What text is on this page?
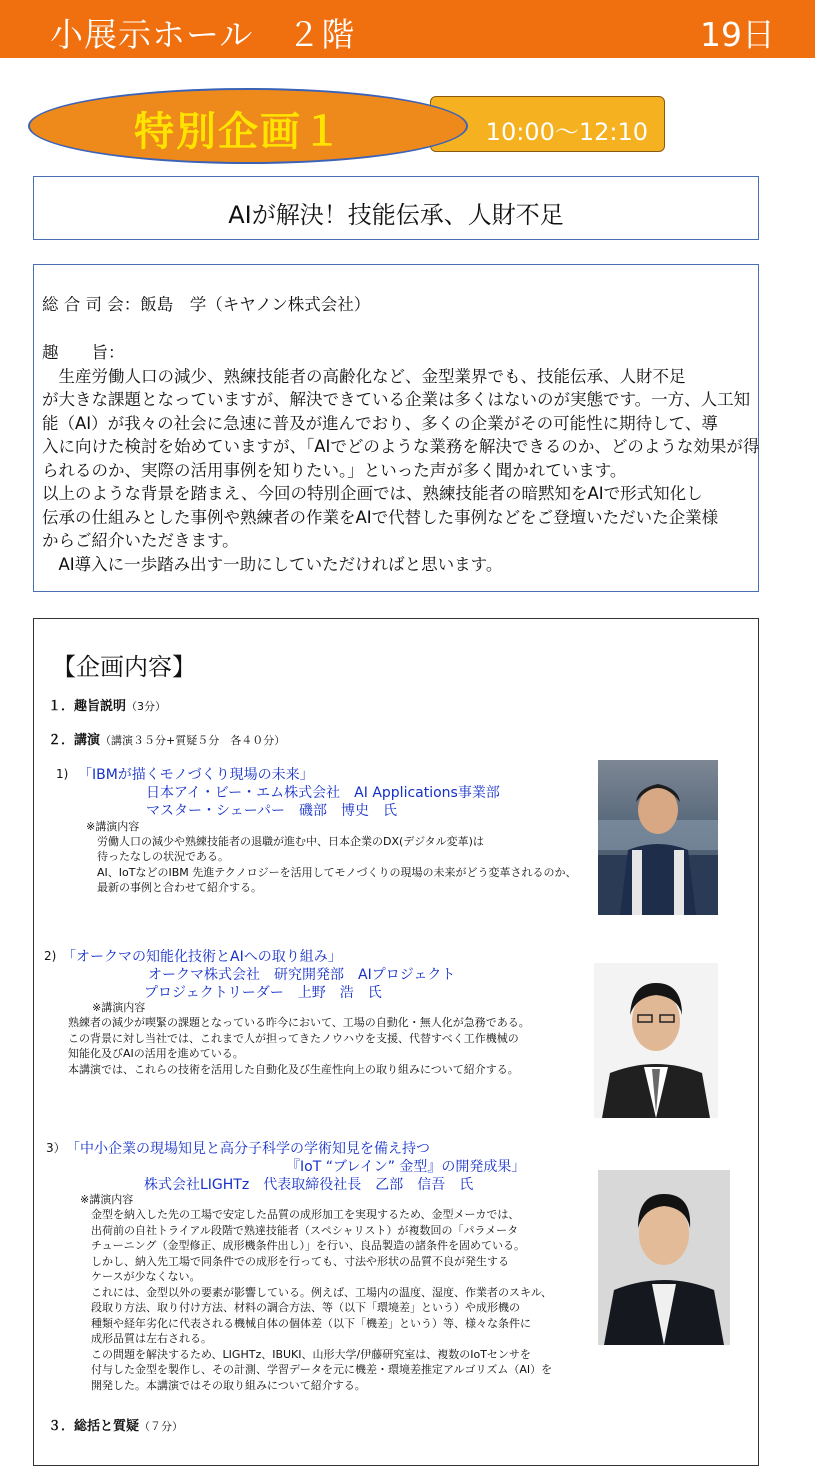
小展示ホール　２階	19日
10:00～12:10
特別企画１
AIが解決！技能伝承、人財不足
総 合 司 会：飯島　学（キヤノン株式会社）
趣　　旨：
　生産労働人口の減少、熟練技能者の高齢化など、金型業界でも、技能伝承、人財不足
が大きな課題となっていますが、解決できている企業は多くはないのが実態です。一方、人工知
能（AI）が我々の社会に急速に普及が進んでおり、多くの企業がその可能性に期待して、導
入に向けた検討を始めていますが、「AIでどのような業務を解決できるのか、どのような効果が得
られるのか、実際の活用事例を知りたい。」といった声が多く聞かれています。
以上のような背景を踏まえ、今回の特別企画では、熟練技能者の暗黙知をAIで形式知化し
伝承の仕組みとした事例や熟練者の作業をAIで代替した事例などをご登壇いただいた企業様
からご紹介いただきます。
　AI導入に一歩踏み出す一助にしていただければと思います。
【企画内容】
１．趣旨説明（3分）
２．講演（講演３５分+質疑５分　各４０分）
1) 「IBMが描くモノづくり現場の未来」
日本アイ・ビー・エム株式会社　AI Applications事業部
マスター・シェーパー　磯部　博史　氏
※講演内容
　労働人口の減少や熟練技能者の退職が進む中、日本企業のDX(デジタル変革)は
　待ったなしの状況である。
　AI、IoTなどのIBM 先進テクノロジーを活用してモノづくりの現場の未来がどう変革されるのか、
　最新の事例と合わせて紹介する。
2) 「オークマの知能化技術とAIへの取り組み」
オークマ株式会社　研究開発部　AIプロジェクト
プロジェクトリーダー　上野　浩　氏
※講演内容
熟練者の減少が喫緊の課題となっている昨今において、工場の自動化・無人化が急務である。
この背景に対し当社では、これまで人が担ってきたノウハウを支援、代替すべく工作機械の
知能化及びAIの活用を進めている。
本講演では、これらの技術を活用した自動化及び生産性向上の取り組みについて紹介する。
3） 「中小企業の現場知見と高分子科学の学術知見を備え持つ
『IoT “ブレイン” 金型』の開発成果」
株式会社LIGHTz　代表取締役社長　乙部　信吾　氏
※講演内容
　金型を納入した先の工場で安定した品質の成形加工を実現するため、金型メーカでは、
　出荷前の自社トライアル段階で熟達技能者（スペシャリスト）が複数回の「パラメータ
　チューニング（金型修正、成形機条件出し）」を行い、良品製造の諸条件を固めている。
　しかし、納入先工場で同条件での成形を行っても、寸法や形状の品質不良が発生する
　ケースが少なくない。
　これには、金型以外の要素が影響している。例えば、工場内の温度、湿度、作業者のスキル、
　段取り方法、取り付け方法、材料の調合方法、等（以下「環境差」という）や成形機の
　種類や経年劣化に代表される機械自体の個体差（以下「機差」という）等、様々な条件に
　成形品質は左右される。
　この問題を解決するため、LIGHTz、IBUKI、山形大学/伊藤研究室は、複数のIoTセンサを
　付与した金型を製作し、その計測、学習データを元に機差・環境差推定アルゴリズム（AI）を
　開発した。本講演ではその取り組みについて紹介する。
３．総括と質疑（７分）
